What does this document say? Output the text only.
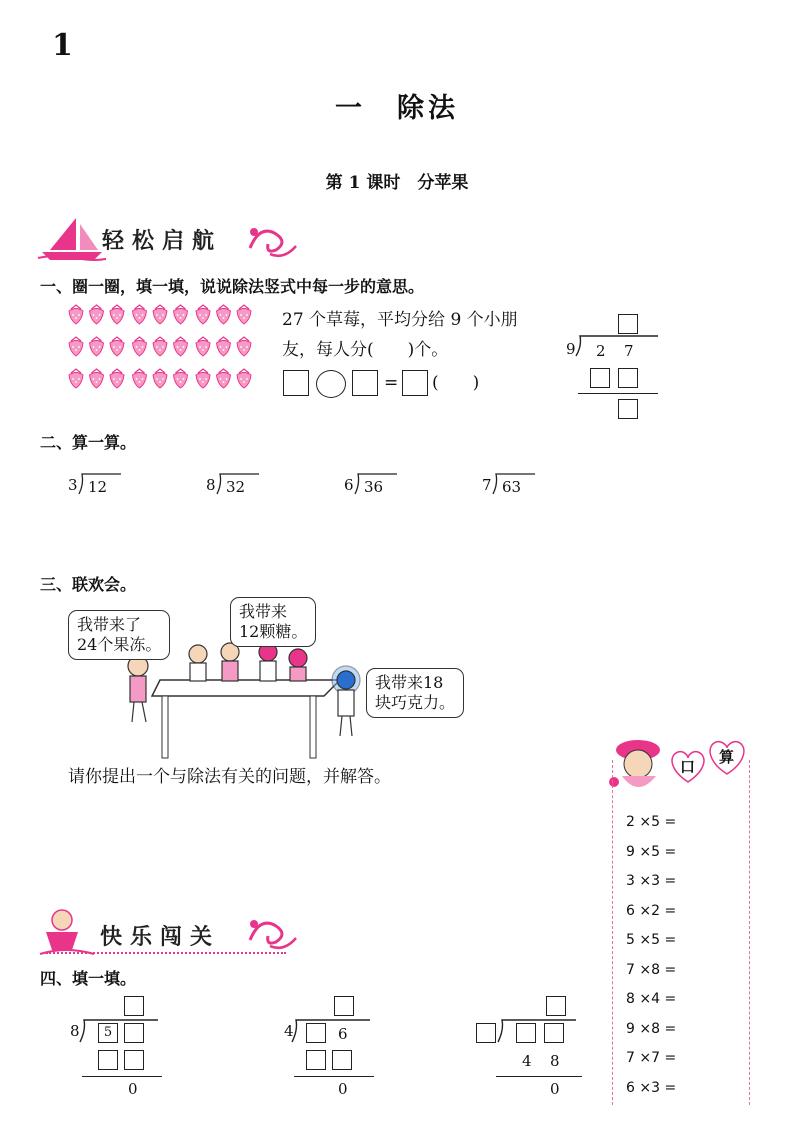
1
一　除法
第 1 课时　分苹果
轻松启航
一、圈一圈，填一填，说说除法竖式中每一步的意思。
27 个草莓，平均分给 9 个小朋
友，每人分(　　)个。
= (　　)
9 2 7
二、算一算。
3 12	8 32	6 36	7 63
三、联欢会。
我带来了
24个果冻。
我带来
12颗糖。
我带来18
块巧克力。
请你提出一个与除法有关的问题，并解答。	口
算
2 ×5 =
9 ×5 =
3 ×3 =
6 ×2 =
5 ×5 =
7 ×8 =
8 ×4 =
9 ×8 =
7 ×7 =
6 ×3 =
快乐闯关
四、填一填。
8	5
0
4	6
0
4 8
0
